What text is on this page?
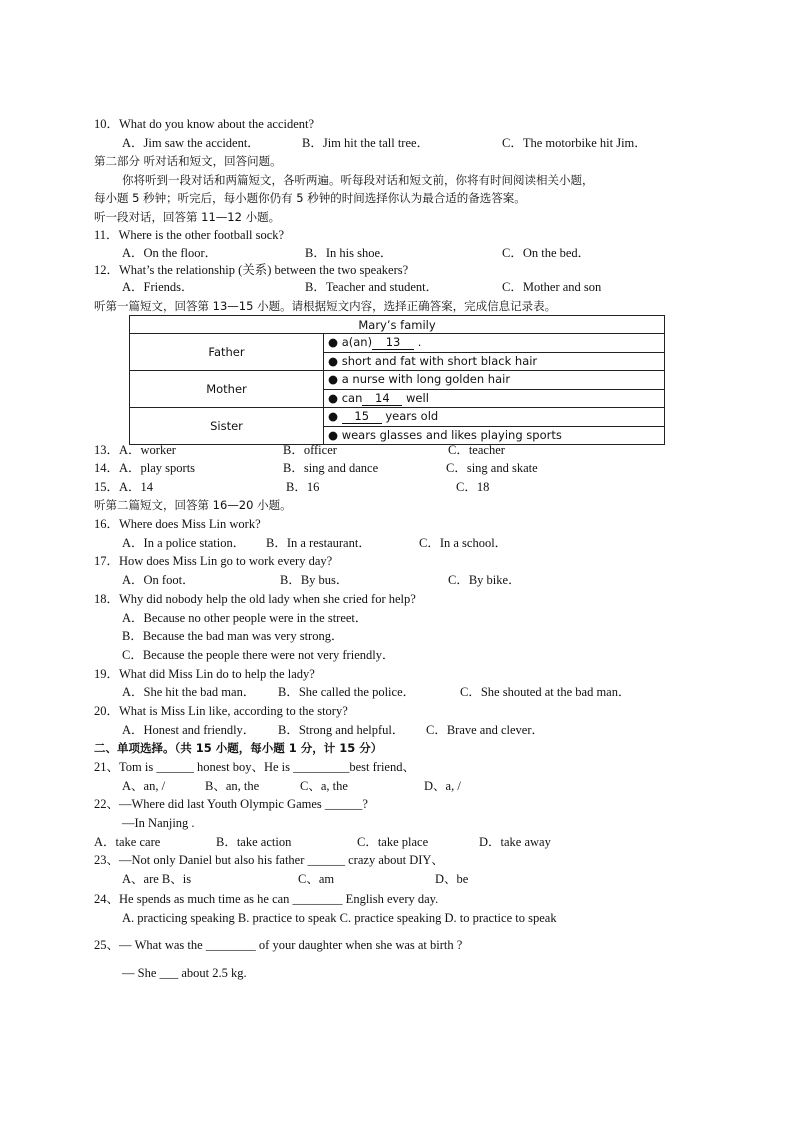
10．What do you know about the accident?
A．Jim saw the accident．	B．Jim hit the tall tree．	C．The motorbike hit Jim．
第二部分 听对话和短文，回答问题。
你将听到一段对话和两篇短文，各听两遍。听每段对话和短文前，你将有时间阅读相关小题，
每小题 5 秒钟；听完后，每小题你仍有 5 秒钟的时间选择你认为最合适的备选答案。
听一段对话，回答第 11—12 小题。
11．Where is the other football sock?
A．On the floor．	B．In his shoe．	C．On the bed．
12．What’s the relationship (关系) between the two speakers?
A．Friends．	B．Teacher and student．	C．Mother and son
听第一篇短文，回答第 13—15 小题。请根据短文内容，选择正确答案，完成信息记录表。
Mary’s family	
Father	● a(an) 13 .
● short and fat with short black hair

Mother	● a nurse with long golden hair
● can 14 well

Sister	● 15 years old
● wears glasses and likes playing sports
13．A．worker	B．officer	C．teacher
14．A．play sports	B．sing and dance	C．sing and skate
15．A．14	B．16	C．18
听第二篇短文，回答第 16—20 小题。
16．Where does Miss Lin work?
A．In a police station． B．In a restaurant．	C．In a school．
17．How does Miss Lin go to work every day?
A．On foot．	B．By bus．	C．By bike．
18．Why did nobody help the old lady when she cried for help?
A．Because no other people were in the street．
B．Because the bad man was very strong．
C．Because the people there were not very friendly．
19．What did Miss Lin do to help the lady?
A．She hit the bad man． B．She called the police．	C．She shouted at the bad man．
20．What is Miss Lin like, according to the story?
A．Honest and friendly． B．Strong and helpful． C．Brave and clever．
二、单项选择。（共 15 小题，每小题 1 分，计 15 分）
21、Tom is ______ honest boy、He is _________best friend、
A、an, /	B、an, the	C、a, the	D、a, /
22、—Where did last Youth Olympic Games ______?
—In Nanjing .
A．take care	B．take action	C．take place	D．take away
23、—Not only Daniel but also his father ______ crazy about DIY、
A、are B、is	C、am	D、be
24、He spends as much time as he can ________ English every day.
A. practicing speaking B. practice to speak C. practice speaking D. to practice to speak
25、— What was the ________ of your daughter when she was at birth ?
— She ___ about 2.5 kg.
